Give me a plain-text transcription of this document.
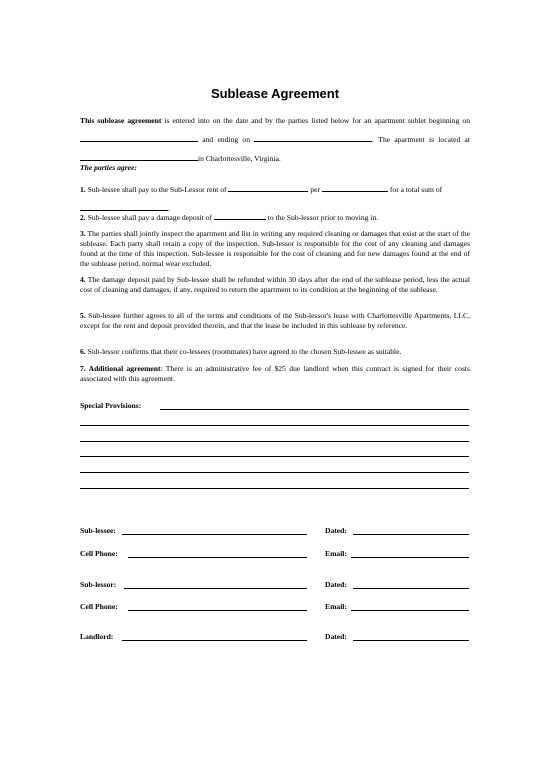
Sublease Agreement
This sublease agreement is entered into on the date and by the parties listed below for an apartment sublet beginning on and ending on	. The apartment is located at in Charlottesville, Virginia.
The parties agree:
1. Sub-lessee shall pay to the Sub-Lessor rent of	per	for a total sum of .
2. Sub-lessee shall pay a damage deposit of	to the Sub-lessor prior to moving in.
3. The parties shall jointly inspect the apartment and list in writing any required cleaning or damages that exist at the start of the sublease. Each party shall retain a copy of the inspection. Sub-lessor is responsible for the cost of any cleaning and damages found at the time of this inspection. Sub-lessee is responsible for the cost of cleaning and for new damages found at the end of the sublease period, normal wear excluded.
4. The damage deposit paid by Sub-lessee shall be refunded within 30 days after the end of the sublease period, less the actual cost of cleaning and damages, if any, required to return the apartment to its condition at the beginning of the sublease.
5. Sub-lessee further agrees to all of the terms and conditions of the Sub-lessor's lease with Charlottesville Apartments, LLC, except for the rent and deposit provided therein, and that the lease be included in this sublease by reference.
6. Sub-lessor confirms that their co-lessees (roommates) have agreed to the chosen Sub-lessee as suitable.
7. Additional agreement: There is an administrative fee of $25 due landlord when this contract is signed for their costs associated with this agreement.
Special Provisions:
Sub-lessee:	Dated:
Cell Phone:	Email:
Sub-lessor:	Dated:
Cell Phone:	Email:
Landlord:	Dated:
